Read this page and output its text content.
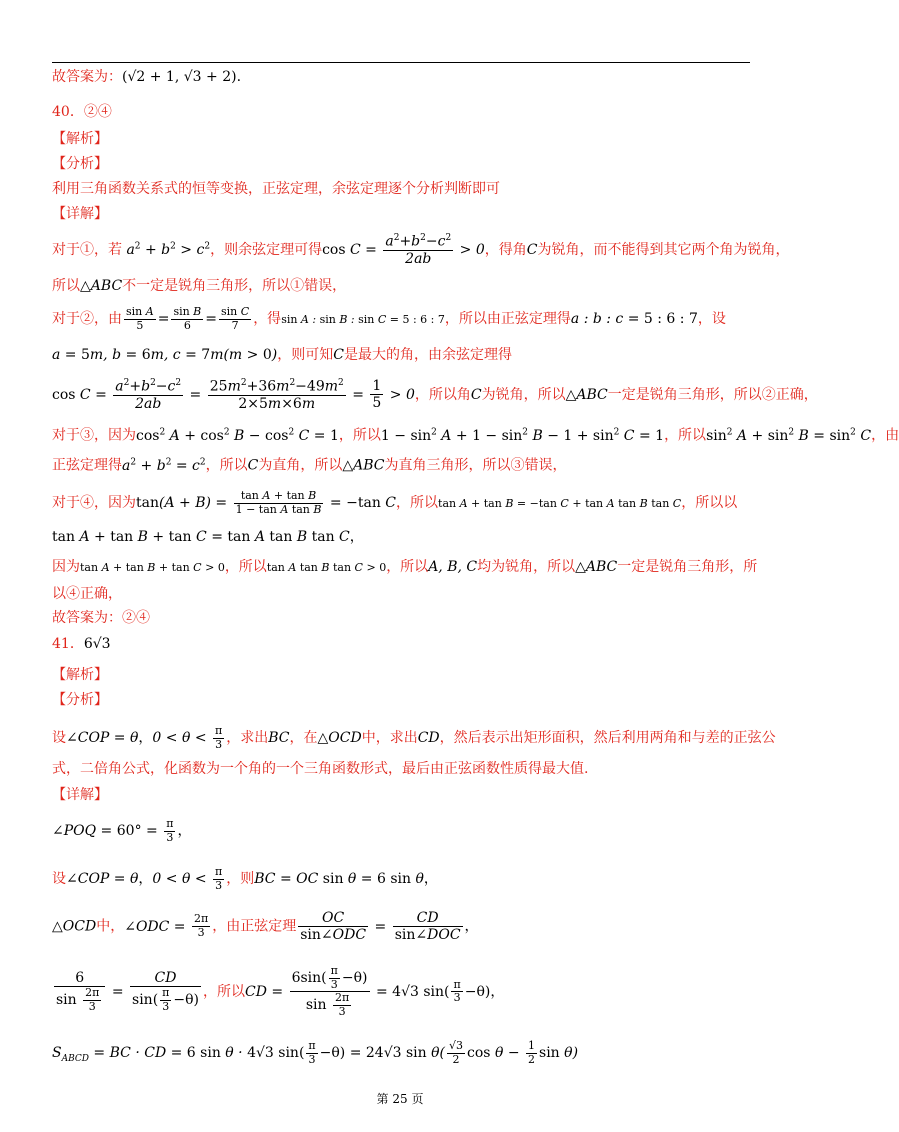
故答案为：(√2 + 1, √3 + 2).
40．②④
【解析】
【分析】
利用三角函数关系式的恒等变换，正弦定理，余弦定理逐个分析判断即可
【详解】
对于①，若 $a^2 + b^2 > c^2$，则余弦定理可得$\cos C = \frac{a^2+b^2-c^2}{2ab} > 0$，得角C为锐角，而不能得到其它两个角为锐角，
所以△ABC不一定是锐角三角形，所以①错误，
对于②，由 $\frac{\text{sin A}}{5} = \frac{\text{sin B}}{6} = \frac{\text{sin C}}{7}$ ，得sin A : sin B : sin C = 5 : 6 : 7，所以由正弦定理得a : b : c = 5 : 6 : 7，设
a = 5m, b = 6m, c = 7m(m > 0)，则可知C是最大的角，由余弦定理得
$\cos C = \frac{a^2+b^2-c^2}{2ab} = \frac{25m^2+36m^2-49m^2}{2\times 5m\times 6m} = \frac{1}{5} > 0$，所以角C为锐角，所以△ABC一定是锐角三角形，所以②正确，
对于③，因为$\cos^2 A + \cos^2 B - \cos^2 C = 1$，所以$1 - \sin^2 A + 1 - \sin^2 B - 1 + \sin^2 C = 1$，所以$\sin^2 A + \sin^2 B = \sin^2 C$，由
正弦定理得$a^2 + b^2 = c^2$，所以C为直角，所以△ABC为直角三角形，所以③错误，
对于④，因为$\tan(A + B) = \frac{\text{tan A + tan B}}{\text{1 − tan A tan B}} = -\tan$ C，所以tan A + tan B = −tan C + tan A tan B tan C，所以以
tan A + tan B + tan C = tan A tan B tan C，
因为tan A + tan B + tan C > 0，所以tan A tan B tan C > 0，所以A, B, C均为锐角，所以△ABC一定是锐角三角形，所
以④正确，
故答案为：②④
41．6√3
【解析】
【分析】
设∠COP = θ，$0 < \theta < \frac{\pi}{3}$ ，求出BC，在△OCD中，求出CD，然后表示出矩形面积，然后利用两角和与差的正弦公
式，二倍角公式，化函数为一个角的一个三角函数形式，最后由正弦函数性质得最大值.
【详解】
∠POQ = $60^\circ = \frac{\pi}{3}$ ，
设∠COP = θ，$0 < \theta < \frac{\pi}{3}$ ，则BC = OC sin θ = 6 sin θ，
△OCD中，∠ODC = $\frac{2\pi}{3}$ ，由正弦定理
OC
sin∠ODC
=
CD
sin∠DOC
，
$\frac{6}{\sin \frac{2\pi}{3}} = \frac{CD}{\sin( \frac{\pi}{3} -\theta)}$ ，所以CD = $\frac{6\sin( \frac{\pi}{3} -\theta)}{\sin \frac{2\pi}{3}} = 4√3$ $\sin( \frac{\pi}{3} -\theta)$，
$S_{ABCD}$ = BC · CD = 6 sin θ · 4√3 $\sin( \frac{\pi}{3} -\theta) = 24√3$ $\sin \theta( \frac{√3}{2}$ $\cos \theta - \frac{1}{2}$ sin θ)
第 25 页
